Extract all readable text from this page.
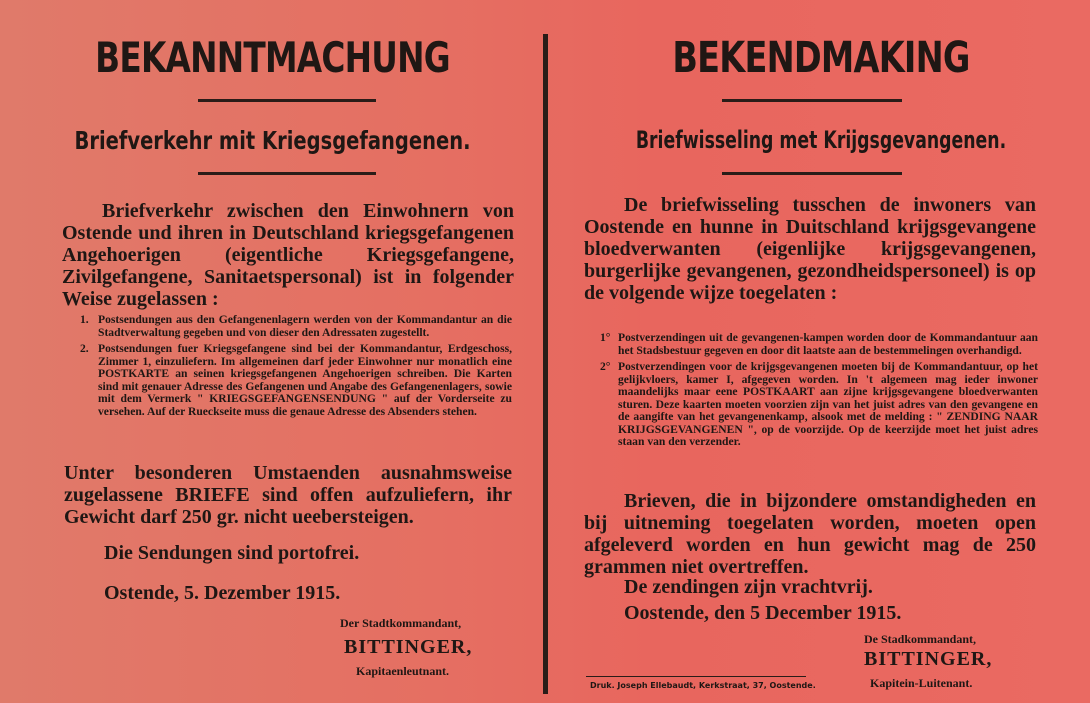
BEKANNTMACHUNG
Briefverkehr mit Kriegsgefangenen.
Briefverkehr zwischen den Einwohnern von Ostende und ihren in Deutschland kriegsgefangenen Angehoerigen (eigentliche Kriegsgefangene, Zivilgefangene, Sanitaetspersonal) ist in folgender Weise zugelassen :
1. Postsendungen aus den Gefangenenlagern werden von der Kommandantur an die Stadtverwaltung gegeben und von dieser den Adressaten zugestellt.
2. Postsendungen fuer Kriegsgefangene sind bei der Kommandantur, Erdgeschoss, Zimmer 1, einzuliefern. Im allgemeinen darf jeder Einwohner nur monatlich eine POSTKARTE an seinen kriegsgefangenen Angehoerigen schreiben. Die Karten sind mit genauer Adresse des Gefangenen und Angabe des Gefangenenlagers, sowie mit dem Vermerk " KRIEGSGEFANGENSENDUNG " auf der Vorderseite zu versehen. Auf der Rueckseite muss die genaue Adresse des Absenders stehen.
Unter besonderen Umstaenden ausnahmsweise zugelassene BRIEFE sind offen aufzuliefern, ihr Gewicht darf 250 gr. nicht ueebersteigen.
Die Sendungen sind portofrei.
Ostende, 5. Dezember 1915.
Der Stadtkommandant,
BITTINGER,
Kapitaenleutnant.
BEKENDMAKING
Briefwisseling met Krijgsgevangenen.
De briefwisseling tusschen de inwoners van Oostende en hunne in Duitschland krijgsgevangene bloedverwanten (eigenlijke krijgsgevangenen, burgerlijke gevangenen, gezondheidspersoneel) is op de volgende wijze toegelaten :
1° Postverzendingen uit de gevangenen-kampen worden door de Kommandantuur aan het Stadsbestuur gegeven en door dit laatste aan de bestemmelingen overhandigd.
2° Postverzendingen voor de krijgsgevangenen moeten bij de Kommandantuur, op het gelijkvloers, kamer I, afgegeven worden. In 't algemeen mag ieder inwoner maandelijks maar eene POSTKAART aan zijne krijgsgevangene bloedverwanten sturen. Deze kaarten moeten voorzien zijn van het juist adres van den gevangene en de aangifte van het gevangenenkamp, alsook met de melding : " ZENDING NAAR KRIJGSGEVANGENEN ", op de voorzijde. Op de keerzijde moet het juist adres staan van den verzender.
Brieven, die in bijzondere omstandigheden en bij uitneming toegelaten worden, moeten open afgeleverd worden en hun gewicht mag de 250 grammen niet overtreffen.
De zendingen zijn vrachtvrij.
Oostende, den 5 December 1915.
De Stadkommandant,
BITTINGER,
Kapitein-Luitenant.
Druk. Joseph Ellebaudt, Kerkstraat, 37, Oostende.
